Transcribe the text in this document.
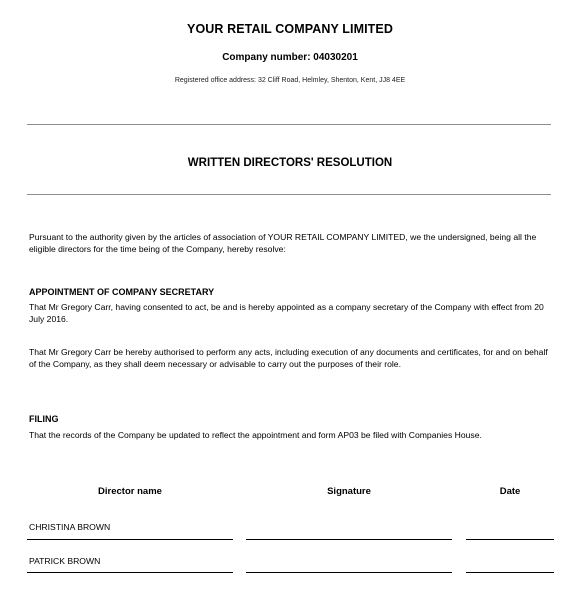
YOUR RETAIL COMPANY LIMITED
Company number: 04030201
Registered office address: 32 Cliff Road, Helmley, Shenton, Kent, JJ8 4EE
WRITTEN DIRECTORS' RESOLUTION
Pursuant to the authority given by the articles of association of YOUR RETAIL COMPANY LIMITED, we the undersigned, being all the eligible directors for the time being of the Company, hereby resolve:
APPOINTMENT OF COMPANY SECRETARY
That Mr Gregory Carr, having consented to act, be and is hereby appointed as a company secretary of the Company with effect from 20 July 2016.
That Mr Gregory Carr be hereby authorised to perform any acts, including execution of any documents and certificates, for and on behalf of the Company, as they shall deem necessary or advisable to carry out the purposes of their role.
FILING
That the records of the Company be updated to reflect the appointment and form AP03 be filed with Companies House.
Director name	Signature	Date
CHRISTINA BROWN
PATRICK BROWN
